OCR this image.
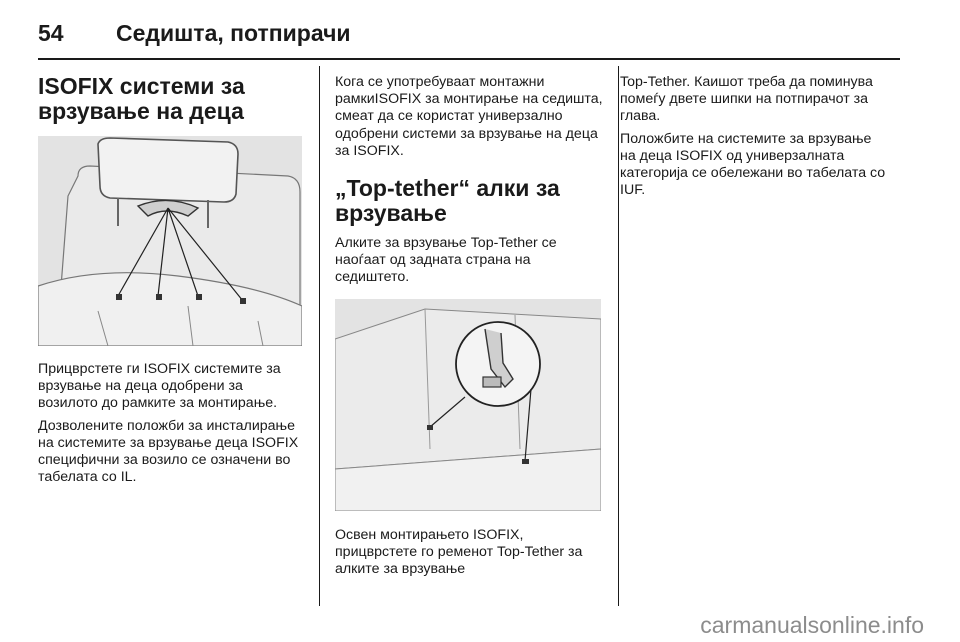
54	Седишта, потпирачи
ISOFIX системи за врзување на деца

Прицврстете ги ISOFIX системите за врзување на деца одобрени за возилото до рамките за монтирање.

Дозволените положби за инсталирање на системите за врзување деца ISOFIX специфични за возило се означени во табелата со IL.

Кога се употребуваат монтажни рамкиISOFIX за монтирање на седишта, смеат да се користат универзално одобрени системи за врзување на деца за ISOFIX.

„Top-tether“ алки за врзување

Алките за врзување Top-Tether се наоѓаат од задната страна на седиштето.

Освен монтирањето ISOFIX, прицврстете го ременот Top-Tether за алките за врзување

Top-Tether. Каишот треба да поминува помеѓу двете шипки на потпирачот за глава.

Положбите на системите за врзување на деца ISOFIX од универзалната категорија се обележани во табелата со IUF.

carmanualsonline.info
